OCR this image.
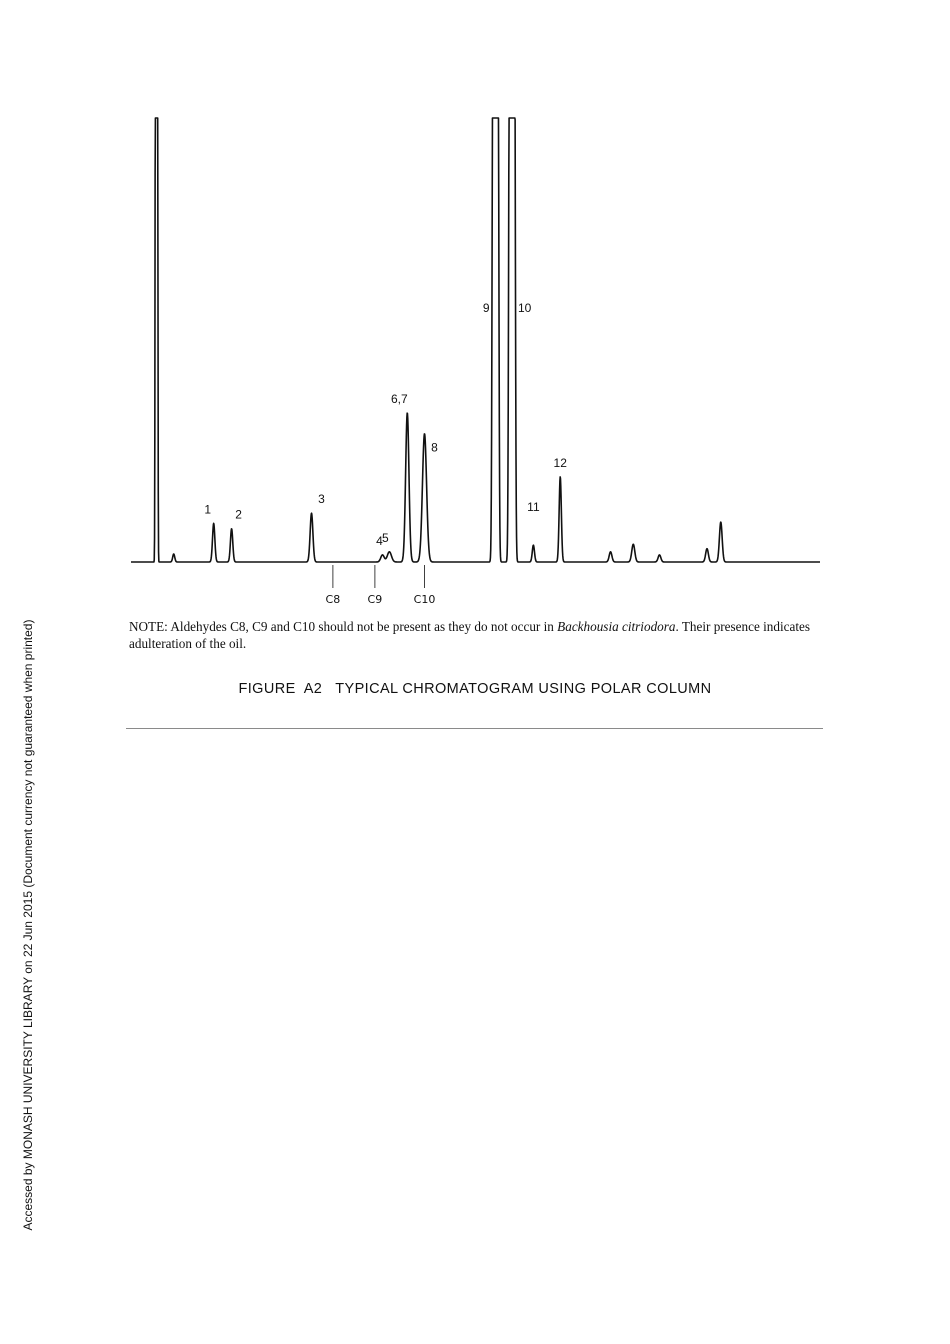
1 2
3
4 5
6,7
8
9 10
11
12
C8 C9	C10
NOTE: Aldehydes C8, C9 and C10 should not be present as they do not occur in Backhousia citriodora. Their presence indicates adulteration of the oil.
FIGURE  A2   TYPICAL CHROMATOGRAM USING POLAR COLUMN
Accessed by MONASH UNIVERSITY LIBRARY on 22 Jun 2015 (Document currency not guaranteed when printed)
